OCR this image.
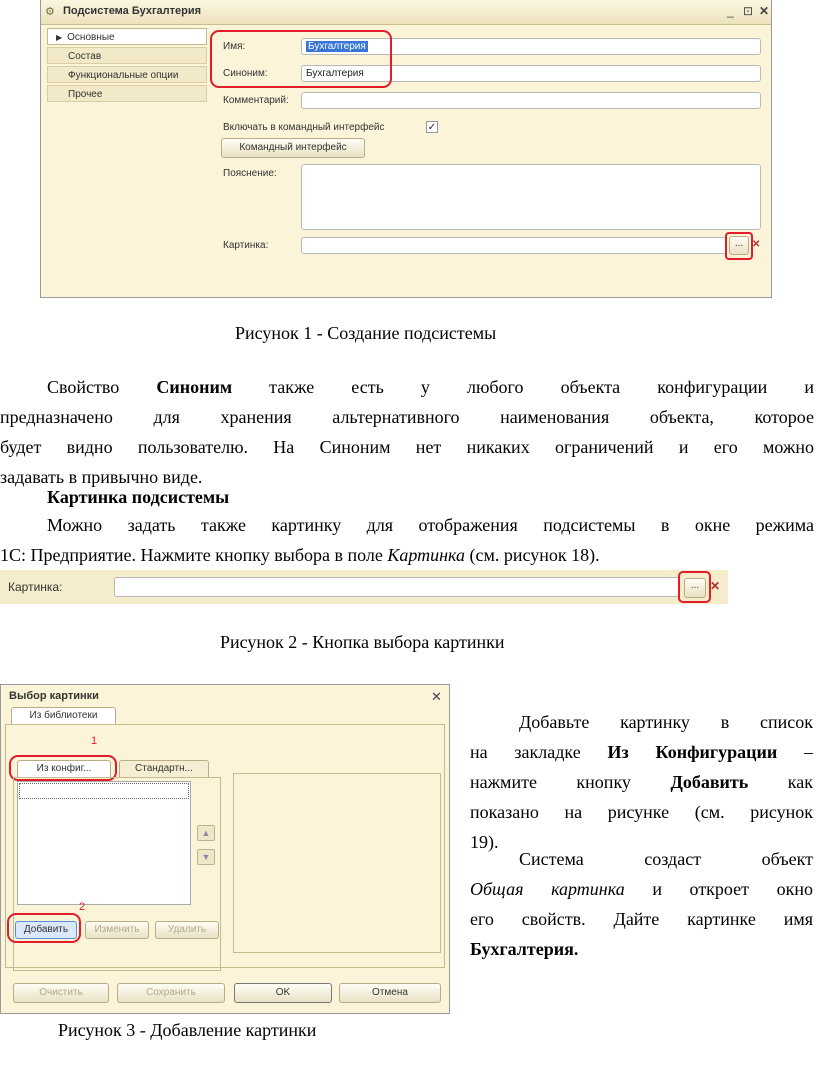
⚙ Подсистема Бухгалтерия	_ ⊡ ✕
▶ Основные
Состав
Функциональные опции
Прочее
Имя:	Бухгалтерия
Синоним:	Бухгалтерия
Комментарий:
Включать в командный интерфейс	✓
Командный интерфейс
Пояснение:
Картинка:	... ✕
Рисунок 1 - Создание подсистемы
Свойство Синоним также есть у любого объекта конфигурации и
предназначено для хранения альтернативного наименования объекта, которое
будет видно пользователю. На Синоним нет никаких ограничений и его можно
задавать в привычно виде.
Картинка подсистемы
Можно задать также картинку для отображения подсистемы в окне режима
1С: Предприятие. Нажмите кнопку выбора в поле Картинка (см. рисунок 18).
Картинка:	... ✕
Рисунок 2 - Кнопка выбора картинки
Выбор картинки	✕
Из библиотеки
1
Из конфиг...	Стандартн...
▲
▼
2
Добавить	Изменить	Удалить
Очистить	Сохранить	OK	Отмена
Рисунок 3 - Добавление картинки
Добавьте картинку в список
на закладке Из Конфигурации –
нажмите кнопку Добавить как
показано на рисунке (см. рисунок
19).
Система создаст объект
Общая картинка и откроет окно
его свойств. Дайте картинке имя
Бухгалтерия.
